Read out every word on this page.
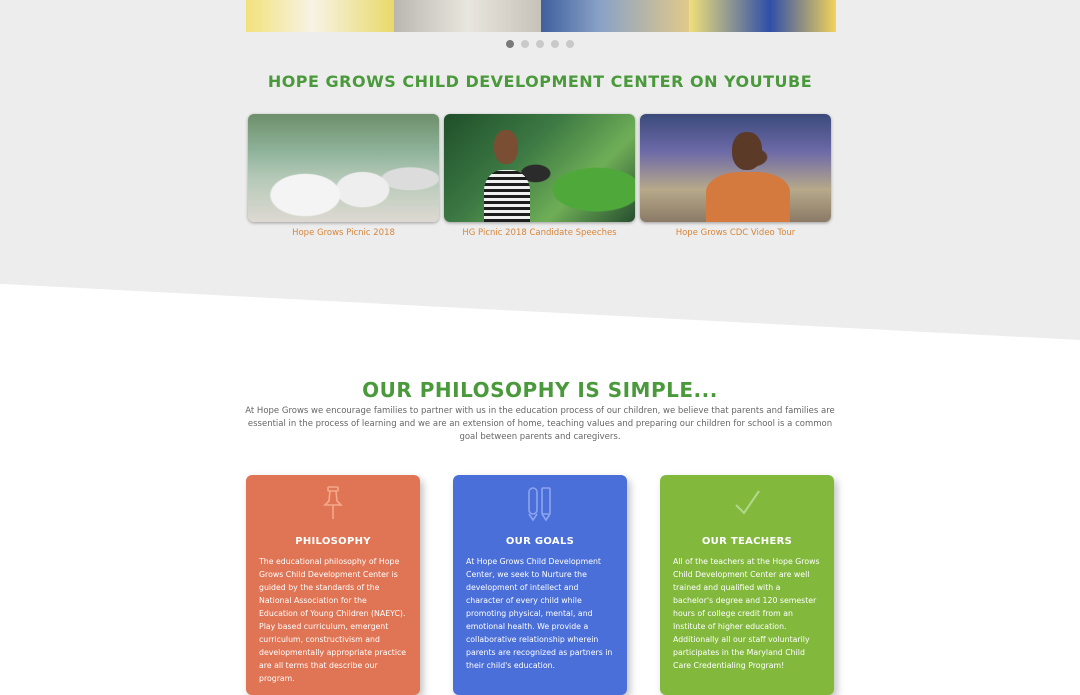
HOPE GROWS CHILD DEVELOPMENT CENTER ON YOUTUBE
Hope Grows Picnic 2018	HG Picnic 2018 Candidate Speeches	Hope Grows CDC Video Tour
OUR PHILOSOPHY IS SIMPLE...

At Hope Grows we encourage families to partner with us in the education process of our children, we believe that parents and families are essential in the process of learning and we are an extension of home, teaching values and preparing our children for school is a common goal between parents and caregivers.

PHILOSOPHY

The educational philosophy of Hope Grows Child Development Center is guided by the standards of the National Association for the Education of Young Children (NAEYC). Play based curriculum, emergent curriculum, constructivism and developmentally appropriate practice are all terms that describe our program.

OUR GOALS

At Hope Grows Child Development Center, we seek to Nurture the development of intellect and character of every child while promoting physical, mental, and emotional health. We provide a collaborative relationship wherein parents are recognized as partners in their child's education.

OUR TEACHERS

All of the teachers at the Hope Grows Child Development Center are well trained and qualified with a bachelor's degree and 120 semester hours of college credit from an Institute of higher education. Additionally all our staff voluntarily participates in the Maryland Child Care Credentialing Program!
